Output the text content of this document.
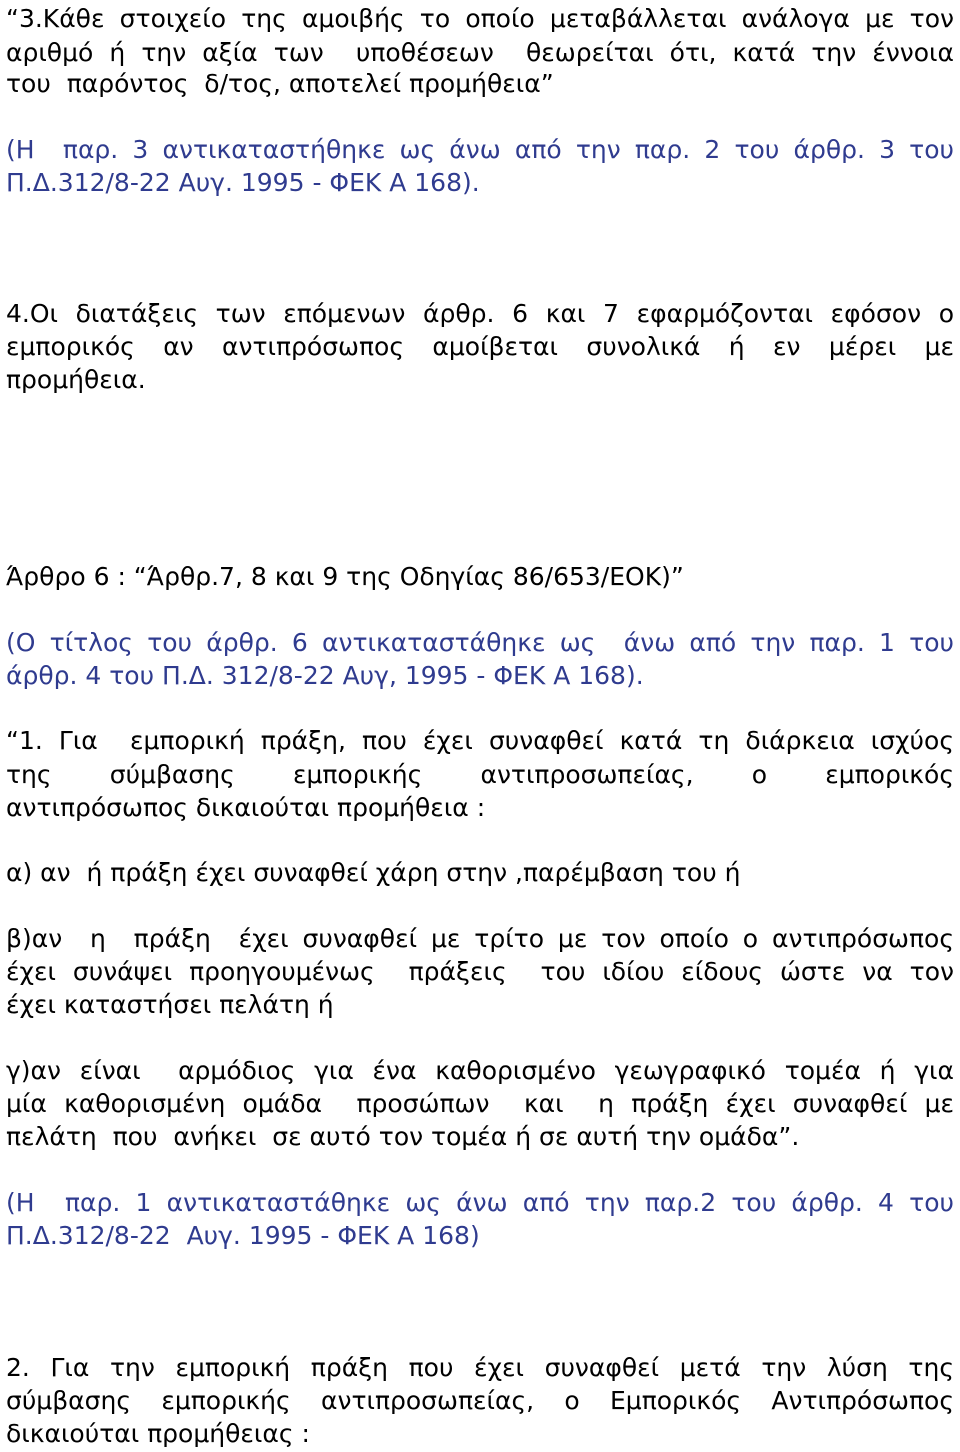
“3.Κάθε στοιχείο της αμοιβής το οποίο μεταβάλλεται ανάλογα με τον
αριθμό ή την αξία των  υποθέσεων  θεωρείται ότι, κατά την έννοια
του  παρόντος  δ/τος, αποτελεί προμήθεια”
(Η  παρ. 3 αντικαταστήθηκε ως άνω από την παρ. 2 του άρθρ. 3 του
Π.Δ.312/8-22 Αυγ. 1995 - ΦΕΚ Α 168).
4.Οι διατάξεις των επόμενων άρθρ. 6 και 7 εφαρμόζονται εφόσον ο
εμπορικός αν αντιπρόσωπος αμοίβεται συνολικά ή εν μέρει με
προμήθεια.
Άρθρο 6 : “Άρθρ.7, 8 και 9 της Οδηγίας 86/653/ΕΟΚ)”
(Ο τίτλος του άρθρ. 6 αντικαταστάθηκε ως  άνω από την παρ. 1 του
άρθρ. 4 του Π.Δ. 312/8-22 Αυγ, 1995 - ΦΕΚ Α 168).
“1. Για  εμπορική πράξη, που έχει συναφθεί κατά τη διάρκεια ισχύος
της σύμβασης εμπορικής αντιπροσωπείας, ο εμπορικός
αντιπρόσωπος δικαιούται προμήθεια :
α) αν  ή πράξη έχει συναφθεί χάρη στην ,παρέμβαση του ή
β)αν  η  πράξη  έχει συναφθεί με τρίτο με τον οποίο ο αντιπρόσωπος
έχει συνάψει προηγουμένως  πράξεις  του ιδίου είδους ώστε να τον
έχει καταστήσει πελάτη ή
γ)αν είναι  αρμόδιος για ένα καθορισμένο γεωγραφικό τομέα ή για
μία καθορισμένη ομάδα  προσώπων  και  η πράξη έχει συναφθεί με
πελάτη  που  ανήκει  σε αυτό τον τομέα ή σε αυτή την ομάδα”.
(Η  παρ. 1 αντικαταστάθηκε ως άνω από την παρ.2 του άρθρ. 4 του
Π.Δ.312/8-22  Αυγ. 1995 - ΦΕΚ Α 168)
2. Για την εμπορική πράξη που έχει συναφθεί μετά την λύση της
σύμβασης εμπορικής αντιπροσωπείας, ο Εμπορικός Αντιπρόσωπος
δικαιούται προμήθειας :
